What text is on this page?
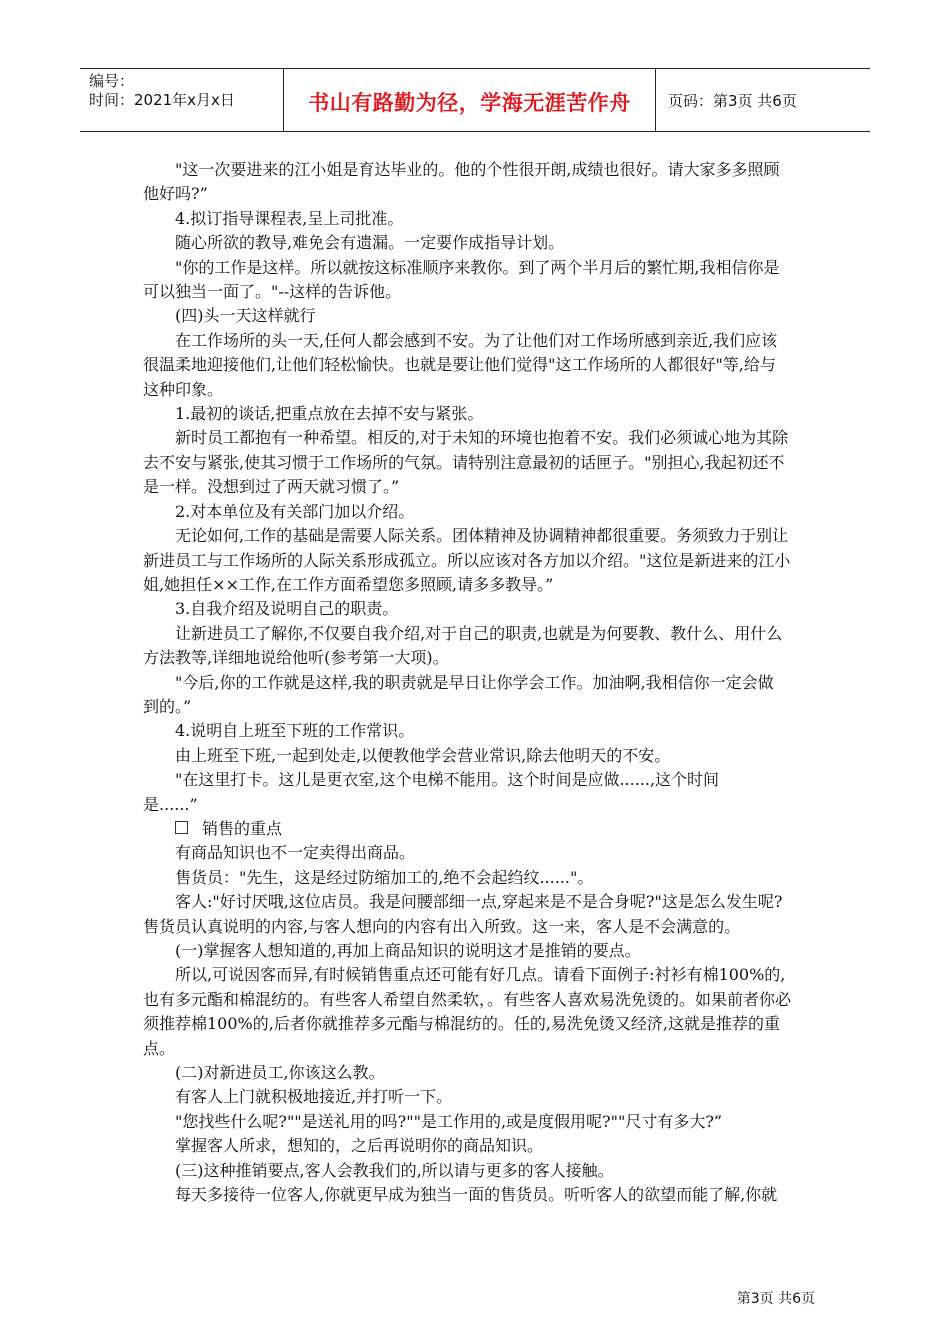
编号：
时间：2021年x月x日	书山有路勤为径，学海无涯苦作舟	页码：第3页 共6页

"这一次要进来的江小姐是育达毕业的。他的个性很开朗,成绩也很好。请大家多多照顾

他好吗?”

4.拟订指导课程表,呈上司批准。

随心所欲的教导,难免会有遗漏。一定要作成指导计划。

"你的工作是这样。所以就按这标准顺序来教你。到了两个半月后的繁忙期,我相信你是

可以独当一面了。"--这样的告诉他。

(四)头一天这样就行

在工作场所的头一天,任何人都会感到不安。为了让他们对工作场所感到亲近,我们应该

很温柔地迎接他们,让他们轻松愉快。也就是要让他们觉得"这工作场所的人都很好"等,给与

这种印象。

1.最初的谈话,把重点放在去掉不安与紧张。

新时员工都抱有一种希望。相反的,对于未知的环境也抱着不安。我们必须诚心地为其除

去不安与紧张,使其习惯于工作场所的气氛。请特别注意最初的话匣子。"别担心,我起初还不

是一样。没想到过了两天就习惯了。”

2.对本单位及有关部门加以介绍。

无论如何,工作的基础是需要人际关系。团体精神及协调精神都很重要。务须致力于别让

新进员工与工作场所的人际关系形成孤立。所以应该对各方加以介绍。"这位是新进来的江小

姐,她担任××工作,在工作方面希望您多照顾,请多多教导。”

3.自我介绍及说明自己的职责。

让新进员工了解你,不仅要自我介绍,对于自己的职责,也就是为何要教、教什么、用什么

方法教等,详细地说给他听(参考第一大项)。

"今后,你的工作就是这样,我的职责就是早日让你学会工作。加油啊,我相信你一定会做

到的。”

4.说明自上班至下班的工作常识。

由上班至下班,一起到处走,以便教他学会营业常识,除去他明天的不安。

"在这里打卡。这儿是更衣室,这个电梯不能用。这个时间是应做......,这个时间

是......”

销售的重点

有商品知识也不一定卖得出商品。

售货员："先生，这是经过防缩加工的,绝不会起绉纹......"。

客人:"好讨厌哦,这位店员。我是问腰部细一点,穿起来是不是合身呢?"这是怎么发生呢?

售货员认真说明的内容,与客人想向的内容有出入所致。这一来，客人是不会满意的。

(一)掌握客人想知道的,再加上商品知识的说明这才是推销的要点。

所以,可说因客而异,有时候销售重点还可能有好几点。请看下面例子:衬衫有棉100%的,

也有多元酯和棉混纺的。有些客人希望自然柔软，。有些客人喜欢易洗免烫的。如果前者你必

须推荐棉100%的,后者你就推荐多元酯与棉混纺的。任的,易洗免烫又经济,这就是推荐的重

点。

(二)对新进员工,你该这么教。

有客人上门就积极地接近,并打听一下。

"您找些什么呢?""是送礼用的吗?""是工作用的,或是度假用呢?""尺寸有多大?”

掌握客人所求，想知的，之后再说明你的商品知识。

(三)这种推销要点,客人会教我们的,所以请与更多的客人接触。

每天多接待一位客人,你就更早成为独当一面的售货员。听听客人的欲望而能了解,你就

第3页 共6页
